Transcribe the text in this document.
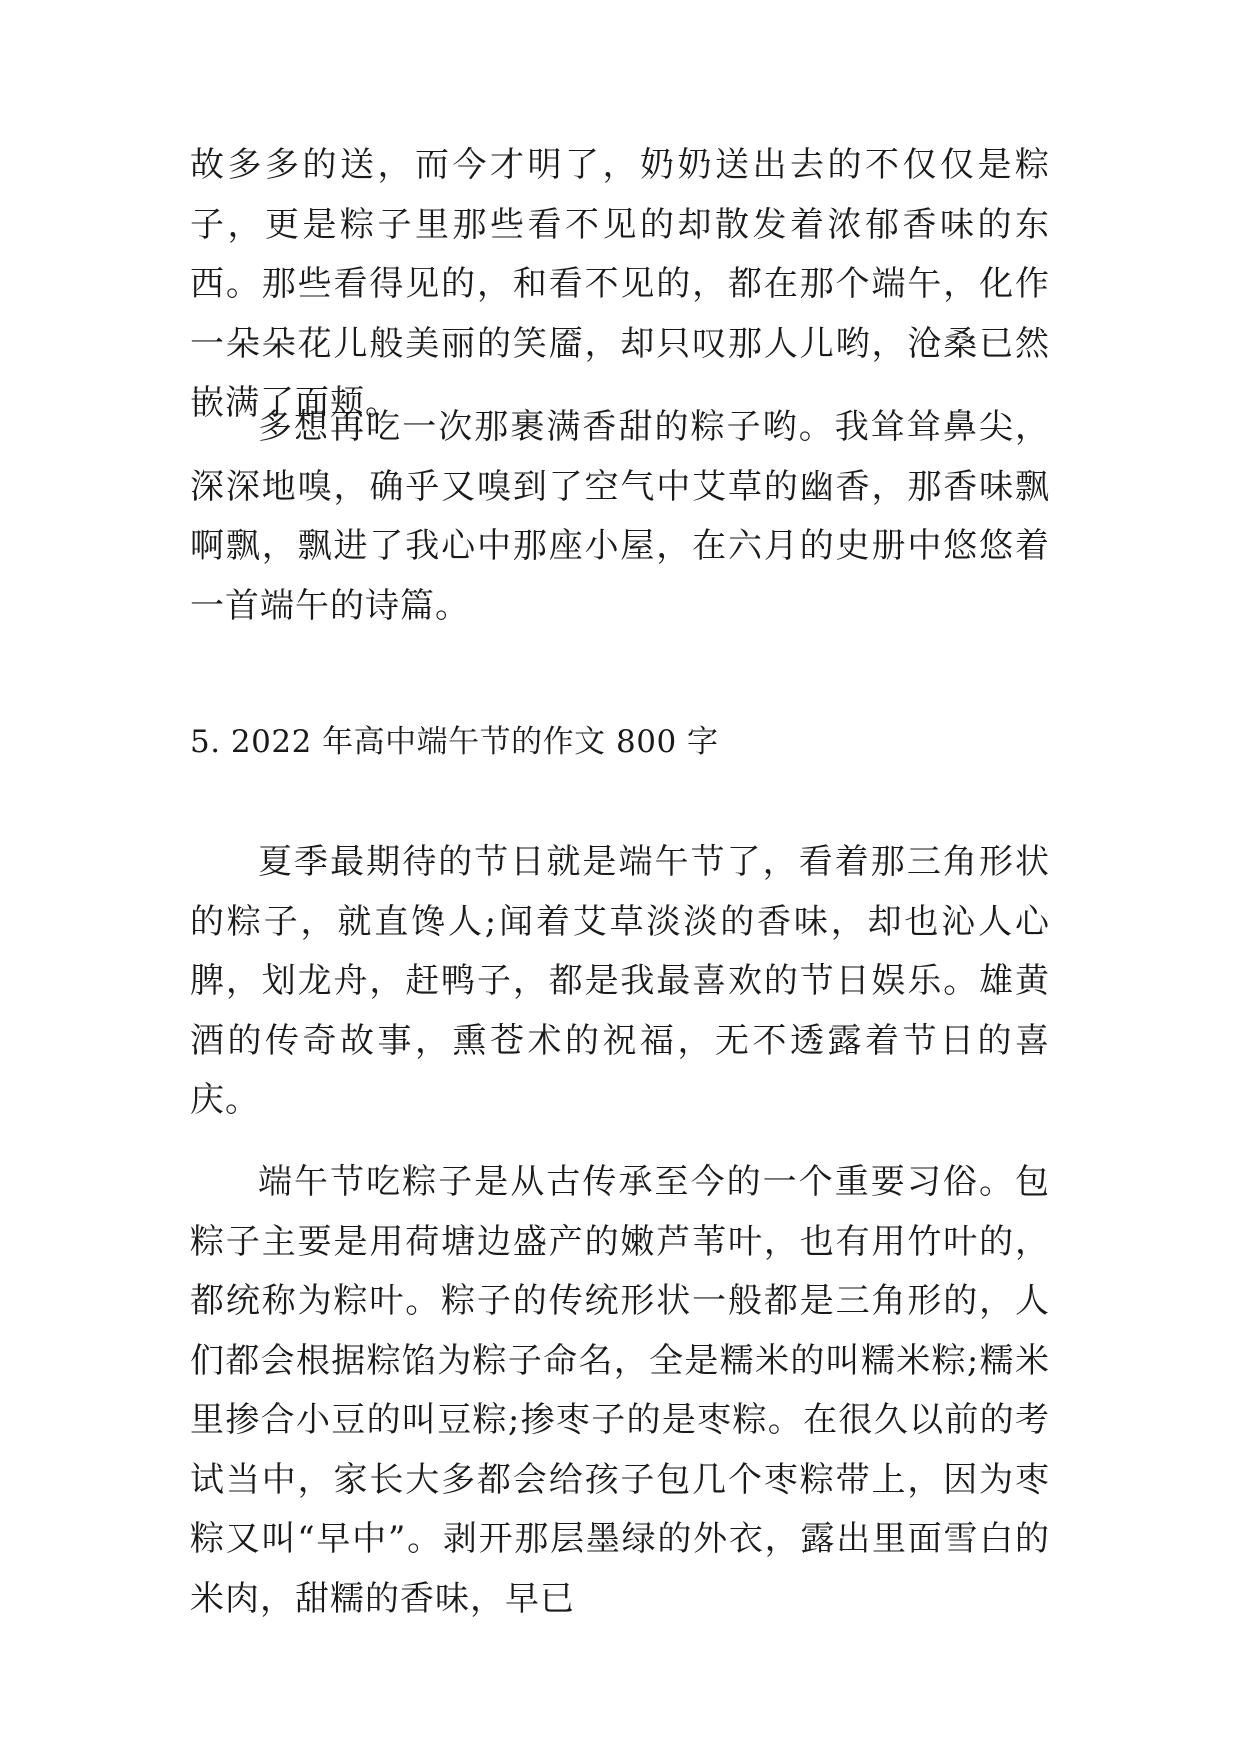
故多多的送，而今才明了，奶奶送出去的不仅仅是粽子，更是粽子里那些看不见的却散发着浓郁香味的东西。那些看得见的，和看不见的，都在那个端午，化作一朵朵花儿般美丽的笑靥，却只叹那人儿哟，沧桑已然嵌满了面颊。

多想再吃一次那裹满香甜的粽子哟。我耸耸鼻尖，深深地嗅，确乎又嗅到了空气中艾草的幽香，那香味飘啊飘，飘进了我心中那座小屋，在六月的史册中悠悠着一首端午的诗篇。

5. 2022 年高中端午节的作文 800 字

夏季最期待的节日就是端午节了，看着那三角形状的粽子，就直馋人;闻着艾草淡淡的香味，却也沁人心脾，划龙舟，赶鸭子，都是我最喜欢的节日娱乐。雄黄酒的传奇故事，熏苍术的祝福，无不透露着节日的喜庆。

端午节吃粽子是从古传承至今的一个重要习俗。包粽子主要是用荷塘边盛产的嫩芦苇叶，也有用竹叶的，都统称为粽叶。粽子的传统形状一般都是三角形的，人们都会根据粽馅为粽子命名，全是糯米的叫糯米粽;糯米里掺合小豆的叫豆粽;掺枣子的是枣粽。在很久以前的考试当中，家长大多都会给孩子包几个枣粽带上，因为枣粽又叫“早中”。剥开那层墨绿的外衣，露出里面雪白的米肉，甜糯的香味，早已
